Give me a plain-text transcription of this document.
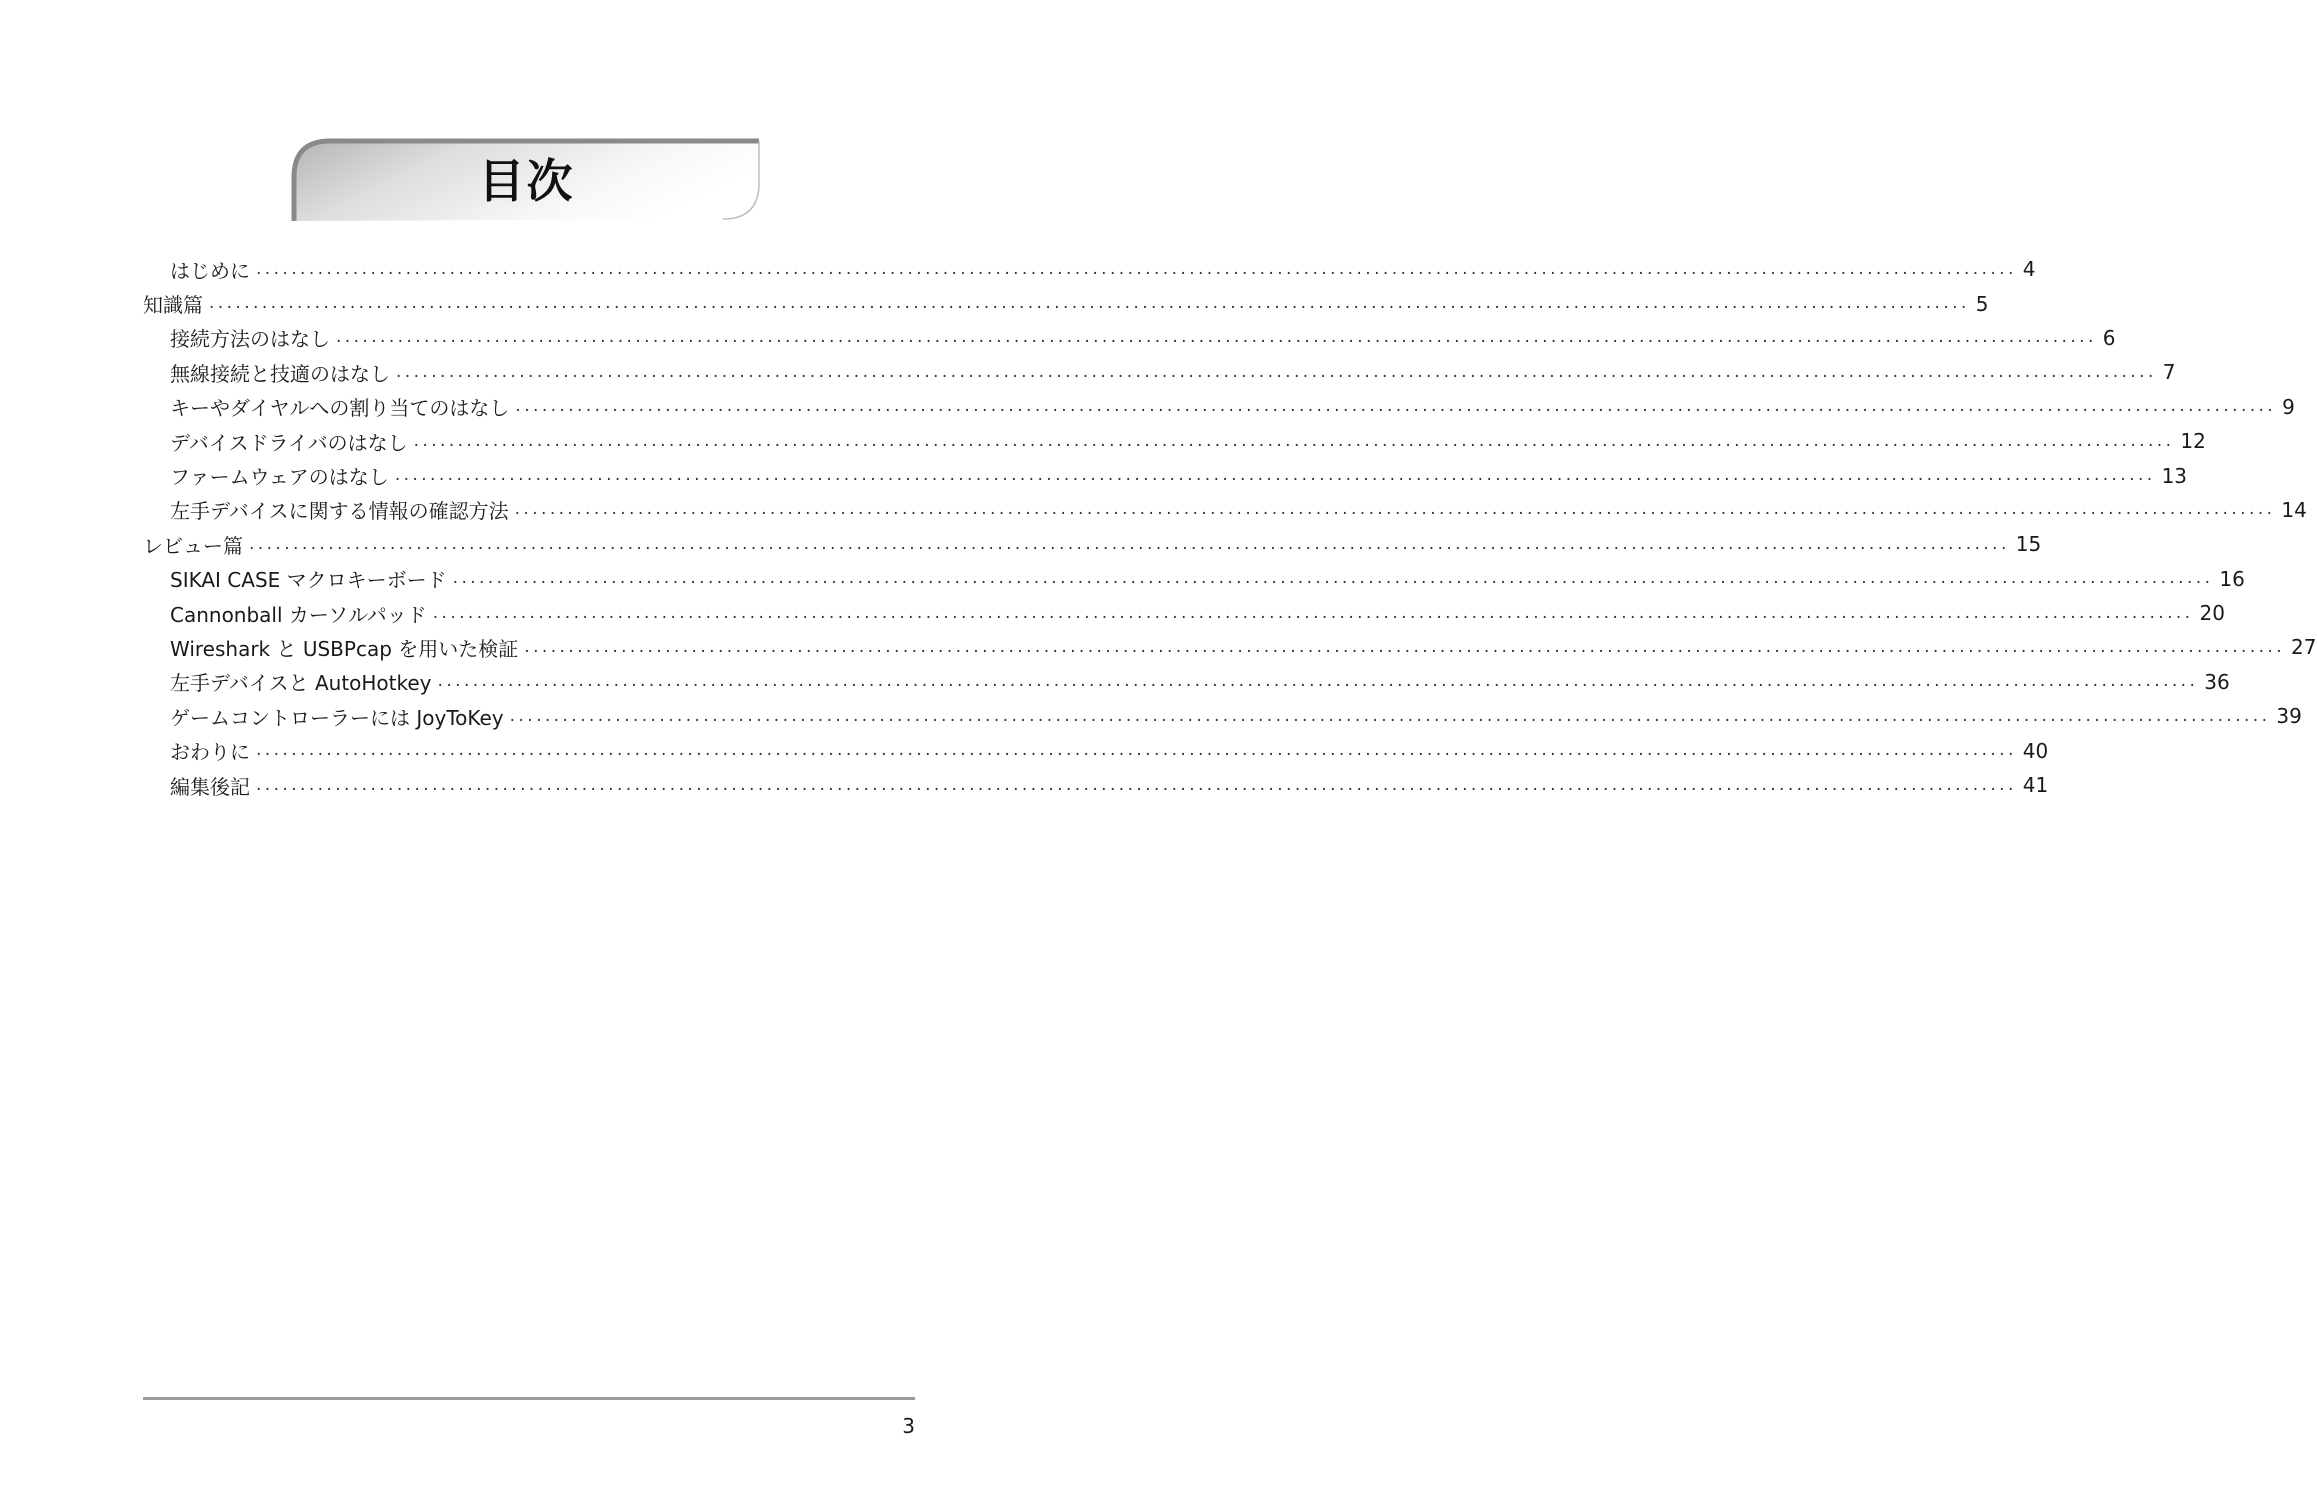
目次
はじめに ........................................................................................................................................................................................................ 4
知識篇 ........................................................................................................................................................................................................ 5
接続方法のはなし ........................................................................................................................................................................................................ 6
無線接続と技適のはなし ........................................................................................................................................................................................................ 7
キーやダイヤルへの割り当てのはなし ........................................................................................................................................................................................................ 9
デバイスドライバのはなし ........................................................................................................................................................................................................ 12
ファームウェアのはなし ........................................................................................................................................................................................................ 13
左手デバイスに関する情報の確認方法 ........................................................................................................................................................................................................ 14
レビュー篇 ........................................................................................................................................................................................................ 15
SIKAI CASE マクロキーボード ........................................................................................................................................................................................................ 16
Cannonball カーソルパッド ........................................................................................................................................................................................................ 20
Wireshark と USBPcap を用いた検証 ........................................................................................................................................................................................................ 27
左手デバイスと AutoHotkey ........................................................................................................................................................................................................ 36
ゲームコントローラーには JoyToKey ........................................................................................................................................................................................................ 39
おわりに ........................................................................................................................................................................................................ 40
編集後記 ........................................................................................................................................................................................................ 41
3
